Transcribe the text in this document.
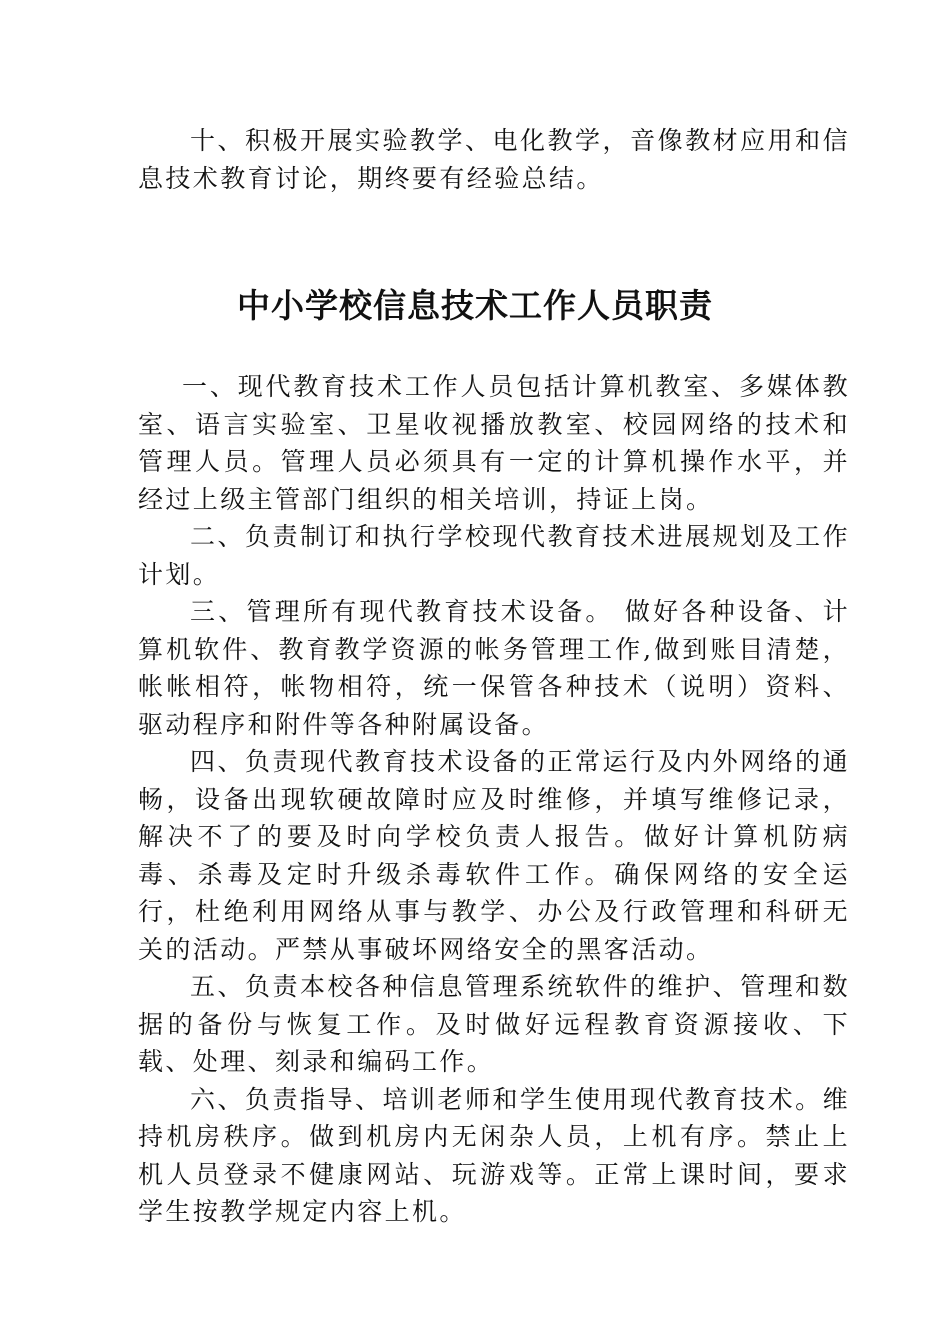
十、积极开展实验教学、电化教学，音像教材应用和信息技术教育讨论，期终要有经验总结。

中小学校信息技术工作人员职责

一、现代教育技术工作人员包括计算机教室、多媒体教室、语言实验室、卫星收视播放教室、校园网络的技术和管理人员。管理人员必须具有一定的计算机操作水平，并经过上级主管部门组织的相关培训，持证上岗。

二、负责制订和执行学校现代教育技术进展规划及工作计划。

三、管理所有现代教育技术设备。 做好各种设备、计算机软件、教育教学资源的帐务管理工作,做到账目清楚，帐帐相符，帐物相符，统一保管各种技术（说明）资料、驱动程序和附件等各种附属设备。

四、负责现代教育技术设备的正常运行及内外网络的通畅，设备出现软硬故障时应及时维修，并填写维修记录，解决不了的要及时向学校负责人报告。做好计算机防病毒、杀毒及定时升级杀毒软件工作。确保网络的安全运行，杜绝利用网络从事与教学、办公及行政管理和科研无关的活动。严禁从事破坏网络安全的黑客活动。

五、负责本校各种信息管理系统软件的维护、管理和数据的备份与恢复工作。及时做好远程教育资源接收、下载、处理、刻录和编码工作。

六、负责指导、培训老师和学生使用现代教育技术。维持机房秩序。做到机房内无闲杂人员，上机有序。禁止上机人员登录不健康网站、玩游戏等。正常上课时间，要求学生按教学规定内容上机。
